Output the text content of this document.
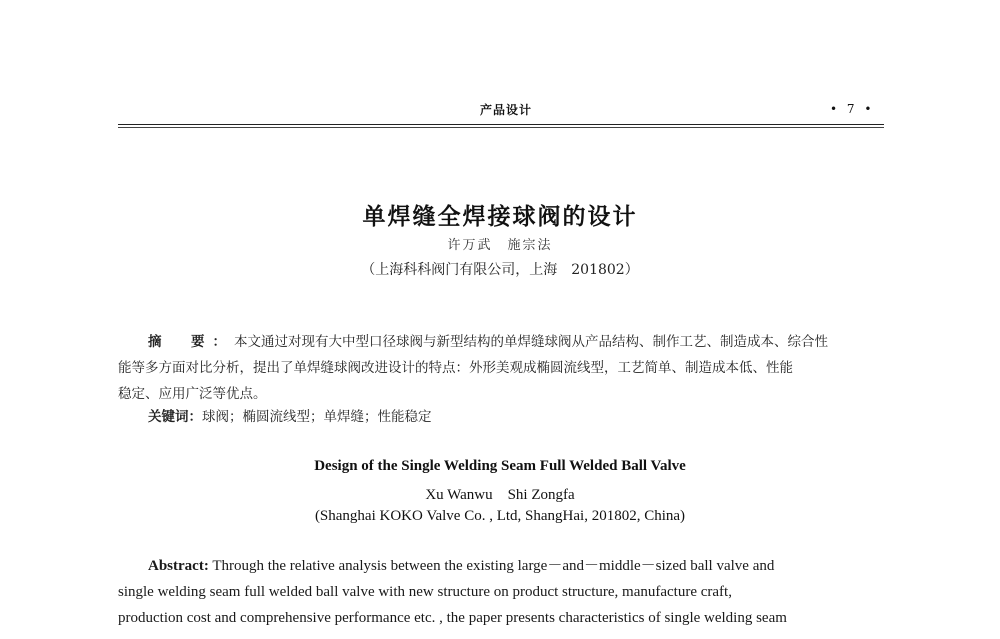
产品设计	• 7 •
单焊缝全焊接球阀的设计
许万武　施宗法
（上海科科阀门有限公司，上海　201802）
摘　要：本文通过对现有大中型口径球阀与新型结构的单焊缝球阀从产品结构、制作工艺、制造成本、综合性
能等多方面对比分析，提出了单焊缝球阀改进设计的特点：外形美观成椭圆流线型，工艺简单、制造成本低、性能
稳定、应用广泛等优点。
关键词：球阀；椭圆流线型；单焊缝；性能稳定
Design of the Single Welding Seam Full Welded Ball Valve
Xu Wanwu　Shi Zongfa
(Shanghai KOKO Valve Co. , Ltd, ShangHai, 201802, China)
Abstract: Through the relative analysis between the existing large－and－middle－sized ball valve and
single welding seam full welded ball valve with new structure on product structure, manufacture craft,
production cost and comprehensive performance etc. , the paper presents characteristics of single welding seam
